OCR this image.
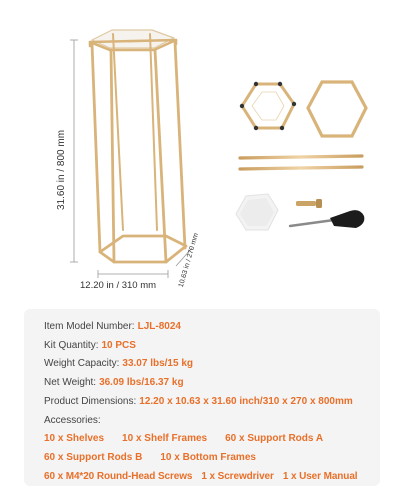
31.60 in / 800 mm
12.20 in / 310 mm	10.63 in / 270 mm
Item Model Number: LJL-8024
Kit Quantity: 10 PCS
Weight Capacity: 33.07 lbs/15 kg
Net Weight: 36.09 lbs/16.37 kg
Product Dimensions: 12.20 x 10.63 x 31.60 inch/310 x 270 x 800mm
Accessories:
10 x Shelves 10 x Shelf Frames 60 x Support Rods A
60 x Support Rods B 10 x Bottom Frames
60 x M4*20 Round-Head Screws 1 x Screwdriver 1 x User Manual
